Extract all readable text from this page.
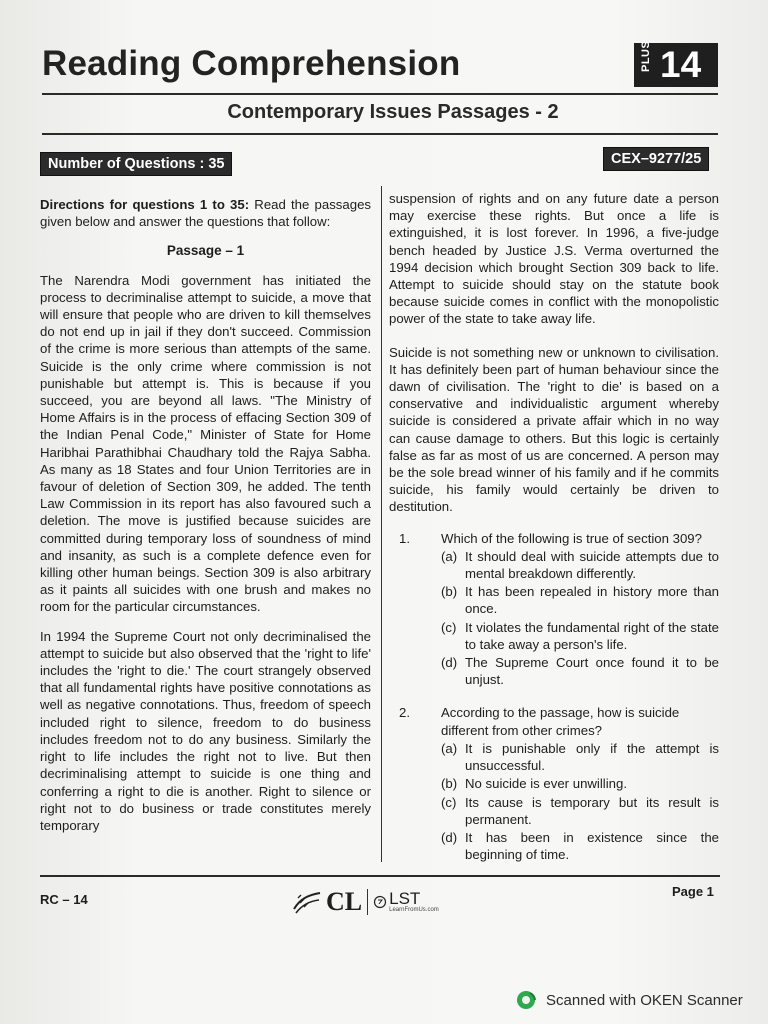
Reading Comprehension	PLUS 14
Contemporary Issues Passages - 2
Number of Questions : 35	CEX–9277/25

Directions for questions 1 to 35: Read the passages given below and answer the questions that follow:

Passage – 1

The Narendra Modi government has initiated the process to decriminalise attempt to suicide, a move that will ensure that people who are driven to kill themselves do not end up in jail if they don't succeed. Commission of the crime is more serious than attempts of the same. Suicide is the only crime where commission is not punishable but attempt is. This is because if you succeed, you are beyond all laws. "The Ministry of Home Affairs is in the process of effacing Section 309 of the Indian Penal Code," Minister of State for Home Haribhai Parathibhai Chaudhary told the Rajya Sabha. As many as 18 States and four Union Territories are in favour of deletion of Section 309, he added. The tenth Law Commission in its report has also favoured such a deletion. The move is justified because suicides are committed during temporary loss of soundness of mind and insanity, as such is a complete defence even for killing other human beings. Section 309 is also arbitrary as it paints all suicides with one brush and makes no room for the particular circumstances.

In 1994 the Supreme Court not only decriminalised the attempt to suicide but also observed that the 'right to life' includes the 'right to die.' The court strangely observed that all fundamental rights have positive connotations as well as negative connotations. Thus, freedom of speech included right to silence, freedom to do business includes freedom not to do any business. Similarly the right to life includes the right not to live. But then decriminalising attempt to suicide is one thing and conferring a right to die is another. Right to silence or right not to do business or trade constitutes merely temporary

suspension of rights and on any future date a person may exercise these rights. But once a life is extinguished, it is lost forever. In 1996, a five-judge bench headed by Justice J.S. Verma overturned the 1994 decision which brought Section 309 back to life. Attempt to suicide should stay on the statute book because suicide comes in conflict with the monopolistic power of the state to take away life.

Suicide is not something new or unknown to civilisation. It has definitely been part of human behaviour since the dawn of civilisation. The 'right to die' is based on a conservative and individualistic argument whereby suicide is considered a private affair which in no way can cause damage to others. But this logic is certainly false as far as most of us are concerned. A person may be the sole bread winner of his family and if he commits suicide, his family would certainly be driven to destitution.

1.	Which of the following is true of section 309?
(a) It should deal with suicide attempts due to mental breakdown differently.
(b) It has been repealed in history more than once.
(c) It violates the fundamental right of the state to take away a person's life.
(d) The Supreme Court once found it to be unjust.
2.	According to the passage, how is suicide different from other crimes?
(a) It is punishable only if the attempt is unsuccessful.
(b) No suicide is ever unwilling.
(c) Its cause is temporary but its result is permanent.
(d) It has been in existence since the beginning of time.
RC – 14	CL LST
LearnFromUs.com
Page 1
Scanned with OKEN Scanner
